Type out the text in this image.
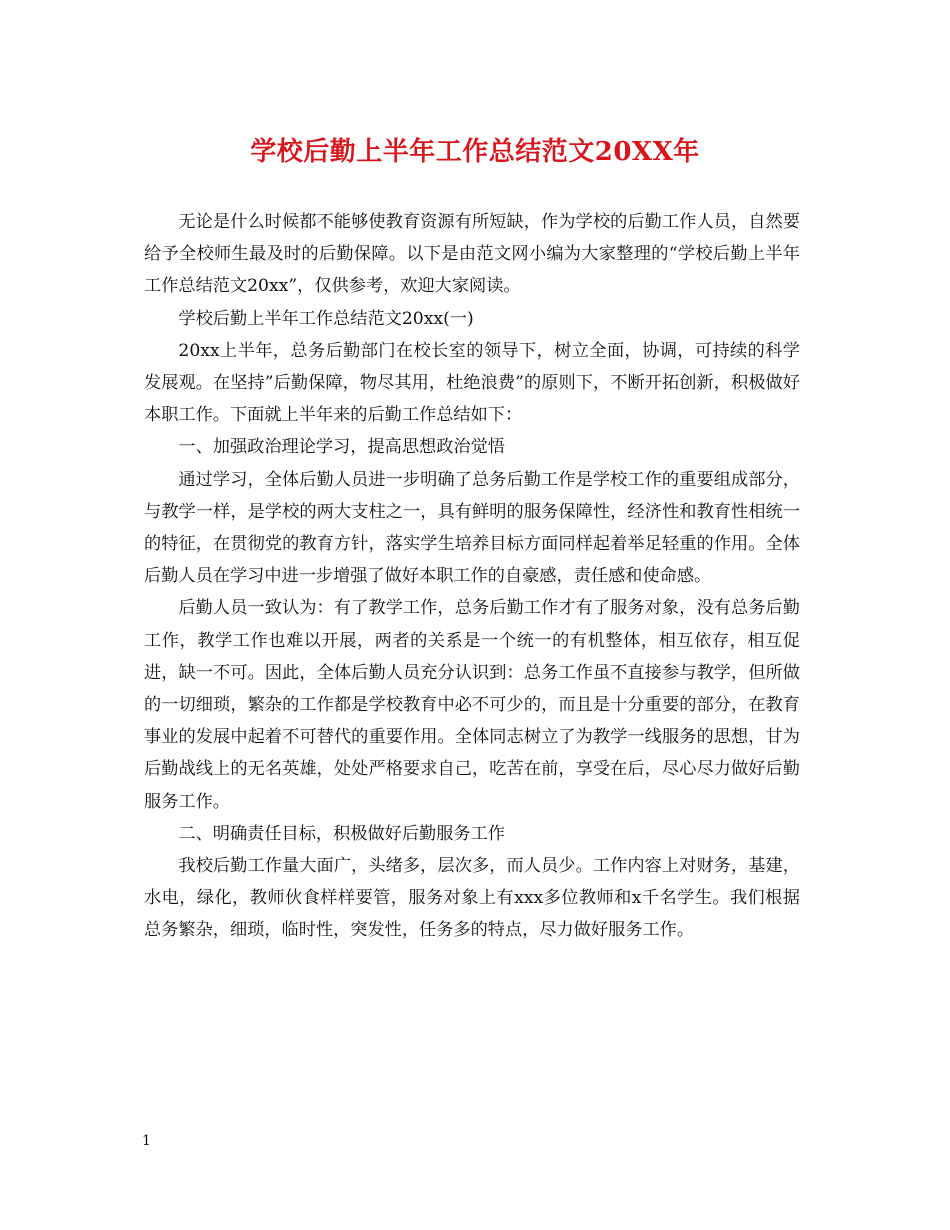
学校后勤上半年工作总结范文20XX年

无论是什么时候都不能够使教育资源有所短缺，作为学校的后勤工作人员，自然要给予全校师生最及时的后勤保障。以下是由范文网小编为大家整理的“学校后勤上半年工作总结范文20xx”，仅供参考，欢迎大家阅读。

学校后勤上半年工作总结范文20xx(一)

20xx上半年，总务后勤部门在校长室的领导下，树立全面，协调，可持续的科学发展观。在坚持”后勤保障，物尽其用，杜绝浪费”的原则下，不断开拓创新，积极做好本职工作。下面就上半年来的后勤工作总结如下：

一、加强政治理论学习，提高思想政治觉悟

通过学习，全体后勤人员进一步明确了总务后勤工作是学校工作的重要组成部分，与教学一样，是学校的两大支柱之一，具有鲜明的服务保障性，经济性和教育性相统一的特征，在贯彻党的教育方针，落实学生培养目标方面同样起着举足轻重的作用。全体后勤人员在学习中进一步增强了做好本职工作的自豪感，责任感和使命感。

后勤人员一致认为：有了教学工作，总务后勤工作才有了服务对象，没有总务后勤工作，教学工作也难以开展，两者的关系是一个统一的有机整体，相互依存，相互促进，缺一不可。因此，全体后勤人员充分认识到：总务工作虽不直接参与教学，但所做的一切细琐，繁杂的工作都是学校教育中必不可少的，而且是十分重要的部分，在教育事业的发展中起着不可替代的重要作用。全体同志树立了为教学一线服务的思想，甘为后勤战线上的无名英雄，处处严格要求自己，吃苦在前，享受在后，尽心尽力做好后勤服务工作。

二、明确责任目标，积极做好后勤服务工作

我校后勤工作量大面广，头绪多，层次多，而人员少。工作内容上对财务，基建，水电，绿化，教师伙食样样要管，服务对象上有xxx多位教师和x千名学生。我们根据总务繁杂，细琐，临时性，突发性，任务多的特点，尽力做好服务工作。

1
